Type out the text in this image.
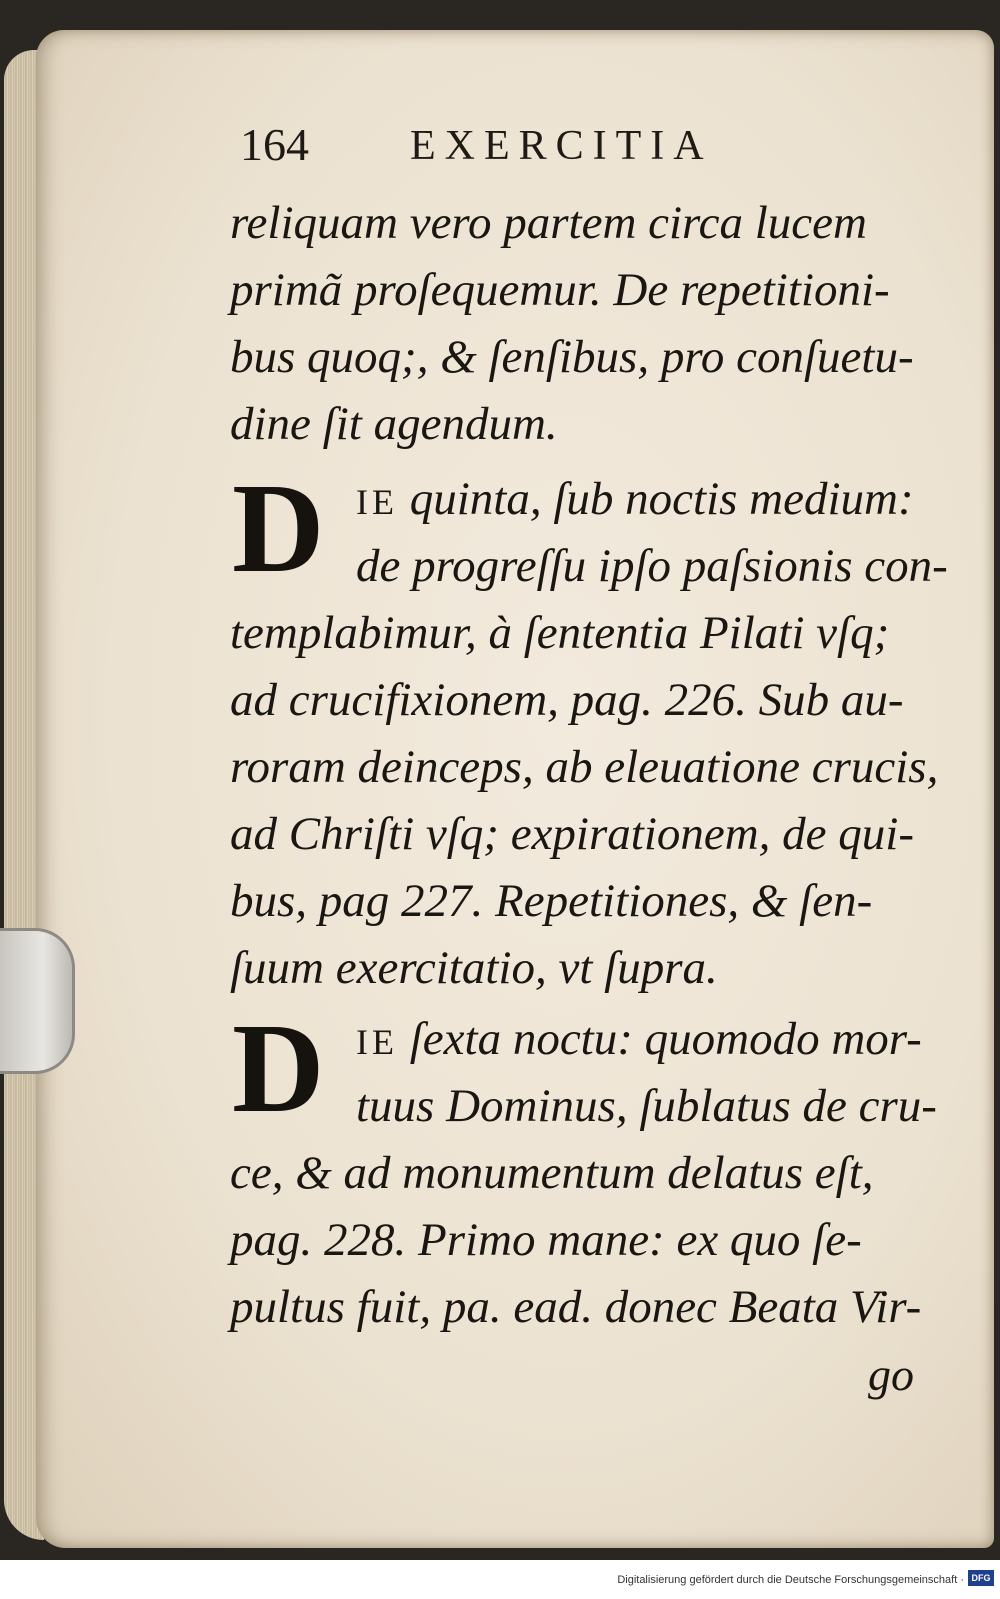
164 EXERCITIA
reliquam vero partem circa lucem
primã proſequemur. De repetitioni-
bus quoq;, & ſenſibus, pro conſuetu-
dine ſit agendum.
D IE quinta, ſub noctis medium:
de progreſſu ipſo paſsionis con-
templabimur, à ſententia Pilati vſq;
ad crucifixionem, pag. 226. Sub au-
roram deinceps, ab eleuatione crucis,
ad Chriſti vſq; expirationem, de qui-
bus, pag 227. Repetitiones, & ſen-
ſuum exercitatio, vt ſupra.
D IE ſexta noctu: quomodo mor-
tuus Dominus, ſublatus de cru-
ce, & ad monumentum delatus eſt,
pag. 228. Primo mane: ex quo ſe-
pultus fuit, pa. ead. donec Beata Vir-
go
Digitalisierung gefördert durch die Deutsche Forschungsgemeinschaft · DFG
